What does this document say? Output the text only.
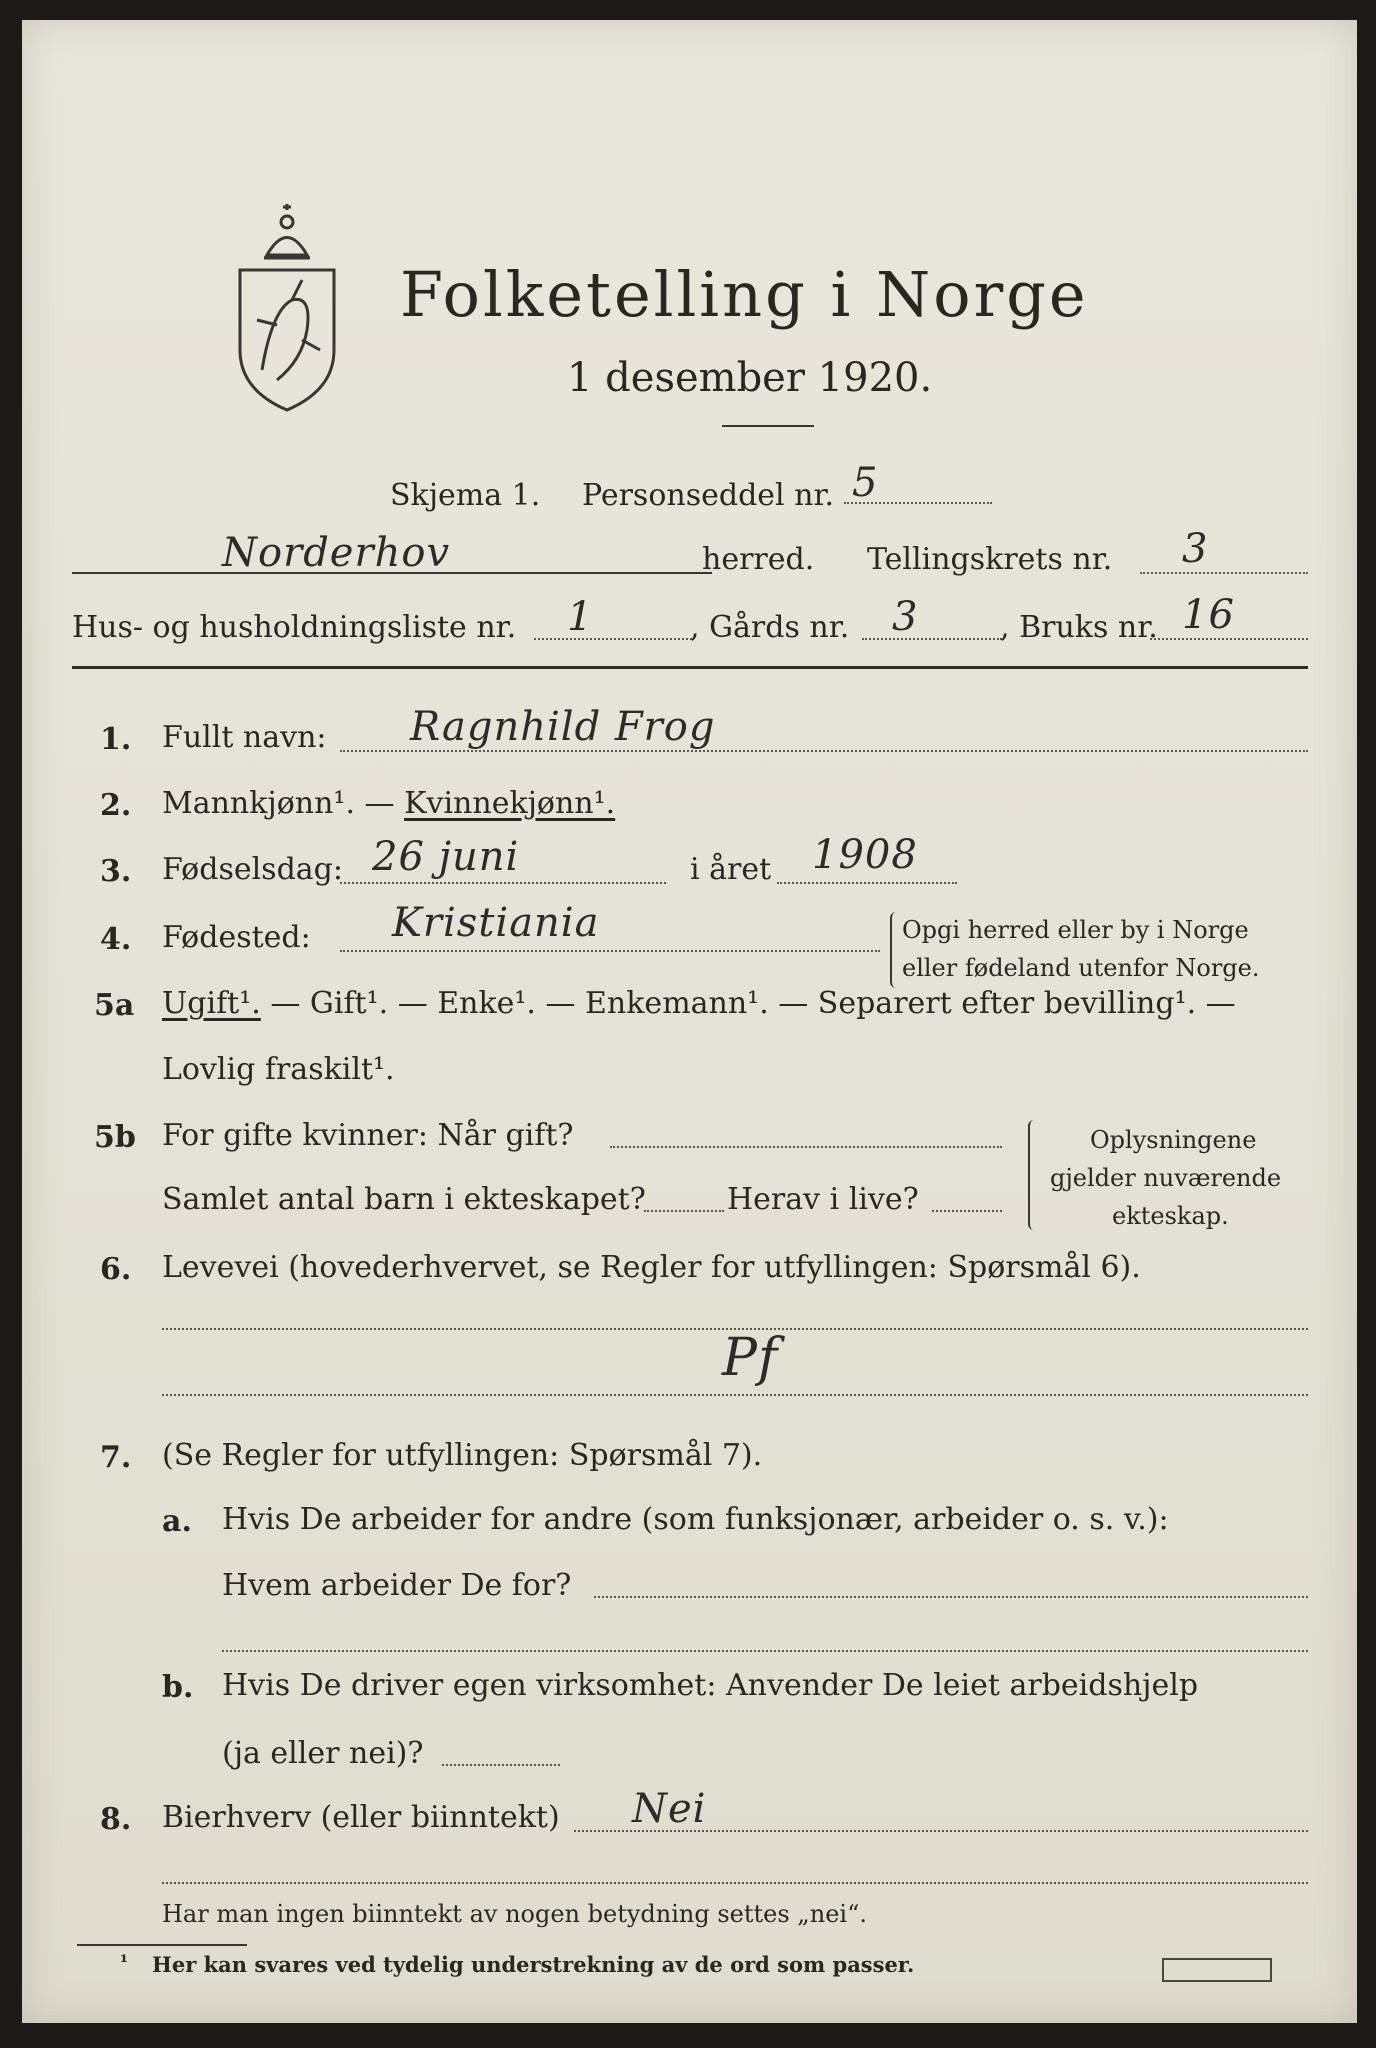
Folketelling i Norge
1 desember 1920.
Skjema 1. Personseddel nr. 5
Norderhov	herred. Tellingskrets nr. 3
Hus- og husholdningsliste nr. 1	, Gårds nr. 3	, Bruks nr. 16
1. Fullt navn: Ragnhild Frog
2. Mannkjønn¹. — Kvinnekjønn¹.
3. Fødselsdag: 26 juni	i året 1908
4. Fødested: Kristiania	Opgi herred eller by i Norge
eller fødeland utenfor Norge.
5a Ugift¹. — Gift¹. — Enke¹. — Enkemann¹. — Separert efter bevilling¹. —
Lovlig fraskilt¹.
5b For gifte kvinner: Når gift?
Samlet antal barn i ekteskapet?	Herav i live?
Oplysningene
gjelder nuværende
ekteskap.
6. Levevei (hovederhvervet, se Regler for utfyllingen: Spørsmål 6).
Pf
7. (Se Regler for utfyllingen: Spørsmål 7).
a. Hvis De arbeider for andre (som funksjonær, arbeider o. s. v.):
Hvem arbeider De for?
b. Hvis De driver egen virksomhet: Anvender De leiet arbeidshjelp
(ja eller nei)?
8. Bierhverv (eller biinntekt) Nei
Har man ingen biinntekt av nogen betydning settes „nei“.
¹ Her kan svares ved tydelig understrekning av de ord som passer.
